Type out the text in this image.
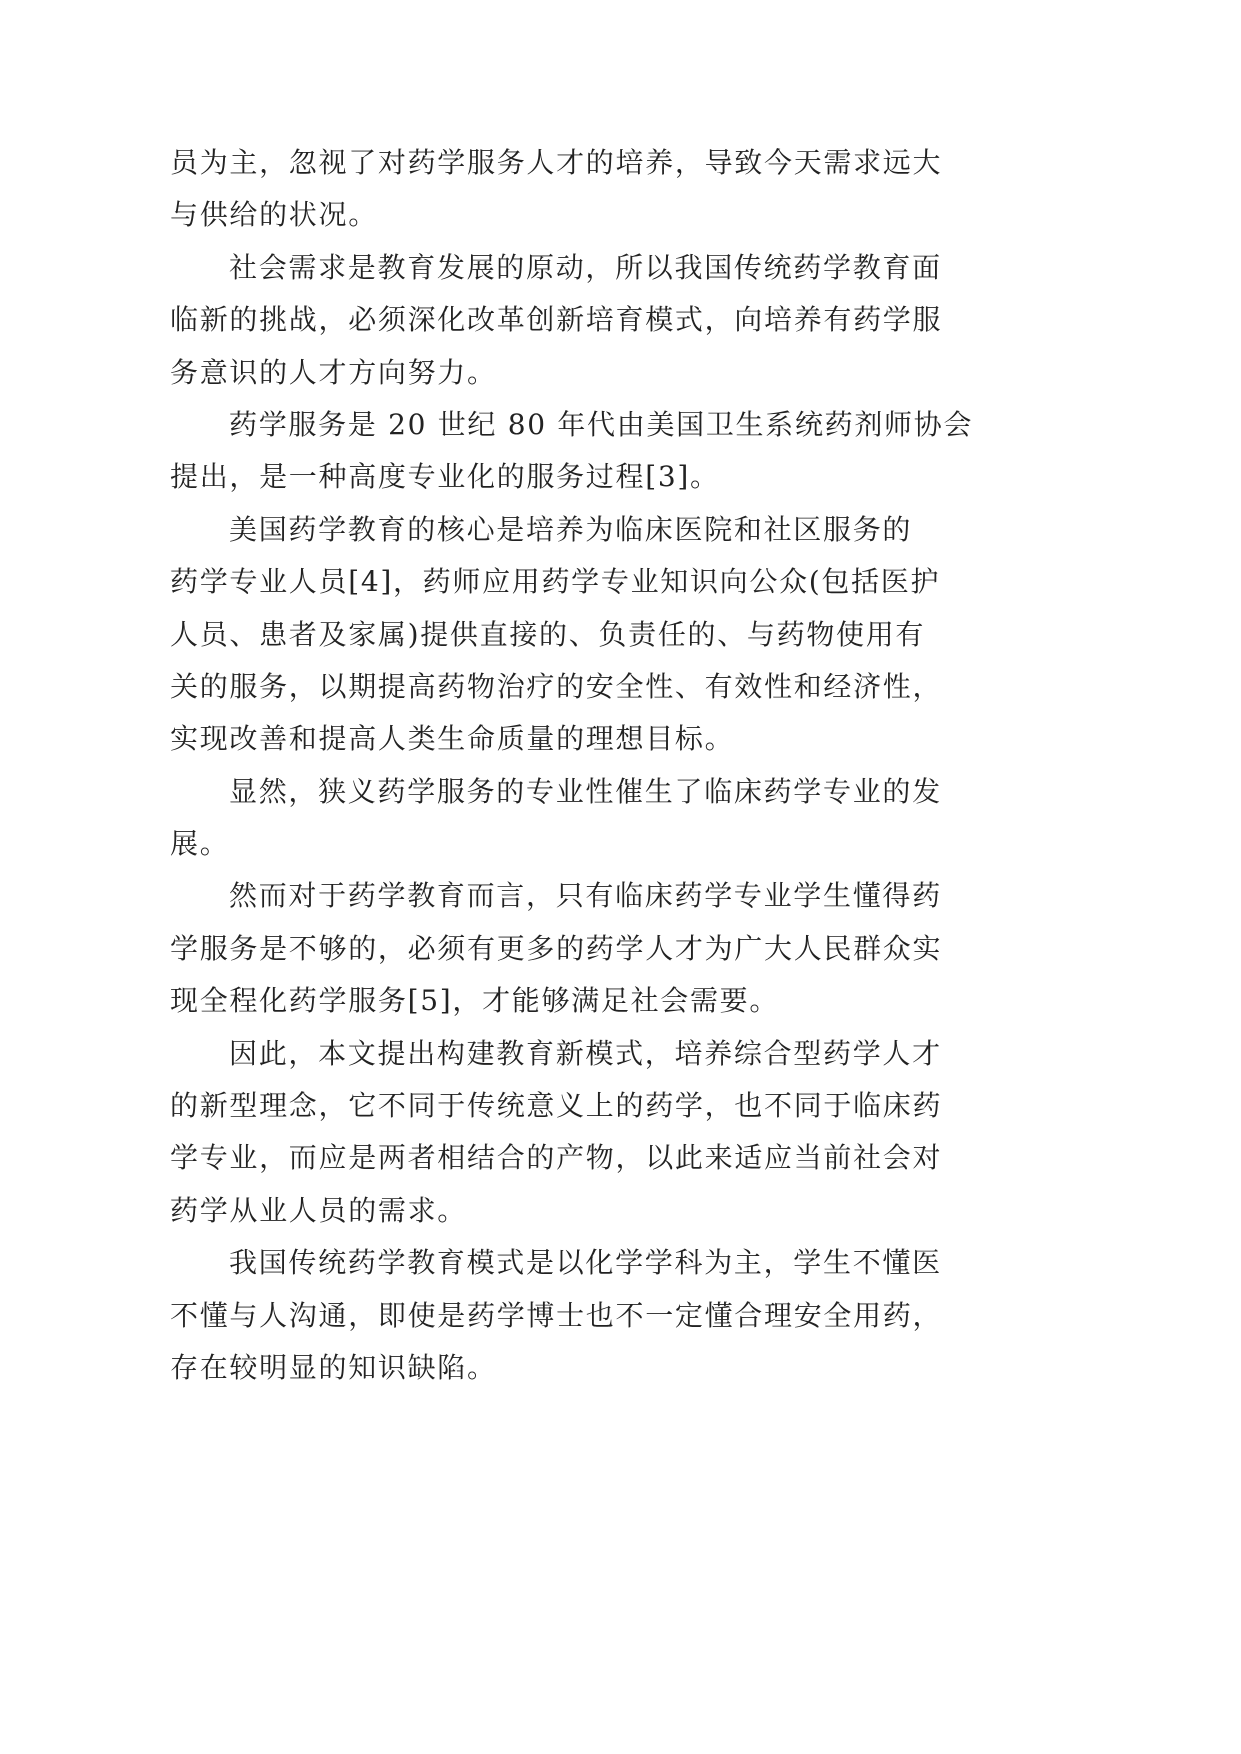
员为主，忽视了对药学服务人才的培养，导致今天需求远大
与供给的状况。
社会需求是教育发展的原动，所以我国传统药学教育面
临新的挑战，必须深化改革创新培育模式，向培养有药学服
务意识的人才方向努力。
药学服务是 20 世纪 80 年代由美国卫生系统药剂师协会
提出，是一种高度专业化的服务过程[3]。
美国药学教育的核心是培养为临床医院和社区服务的
药学专业人员[4]，药师应用药学专业知识向公众(包括医护
人员、患者及家属)提供直接的、负责任的、与药物使用有
关的服务，以期提高药物治疗的安全性、有效性和经济性，
实现改善和提高人类生命质量的理想目标。
显然，狭义药学服务的专业性催生了临床药学专业的发
展。
然而对于药学教育而言，只有临床药学专业学生懂得药
学服务是不够的，必须有更多的药学人才为广大人民群众实
现全程化药学服务[5]，才能够满足社会需要。
因此，本文提出构建教育新模式，培养综合型药学人才
的新型理念，它不同于传统意义上的药学，也不同于临床药
学专业，而应是两者相结合的产物，以此来适应当前社会对
药学从业人员的需求。
我国传统药学教育模式是以化学学科为主，学生不懂医
不懂与人沟通，即使是药学博士也不一定懂合理安全用药，
存在较明显的知识缺陷。
